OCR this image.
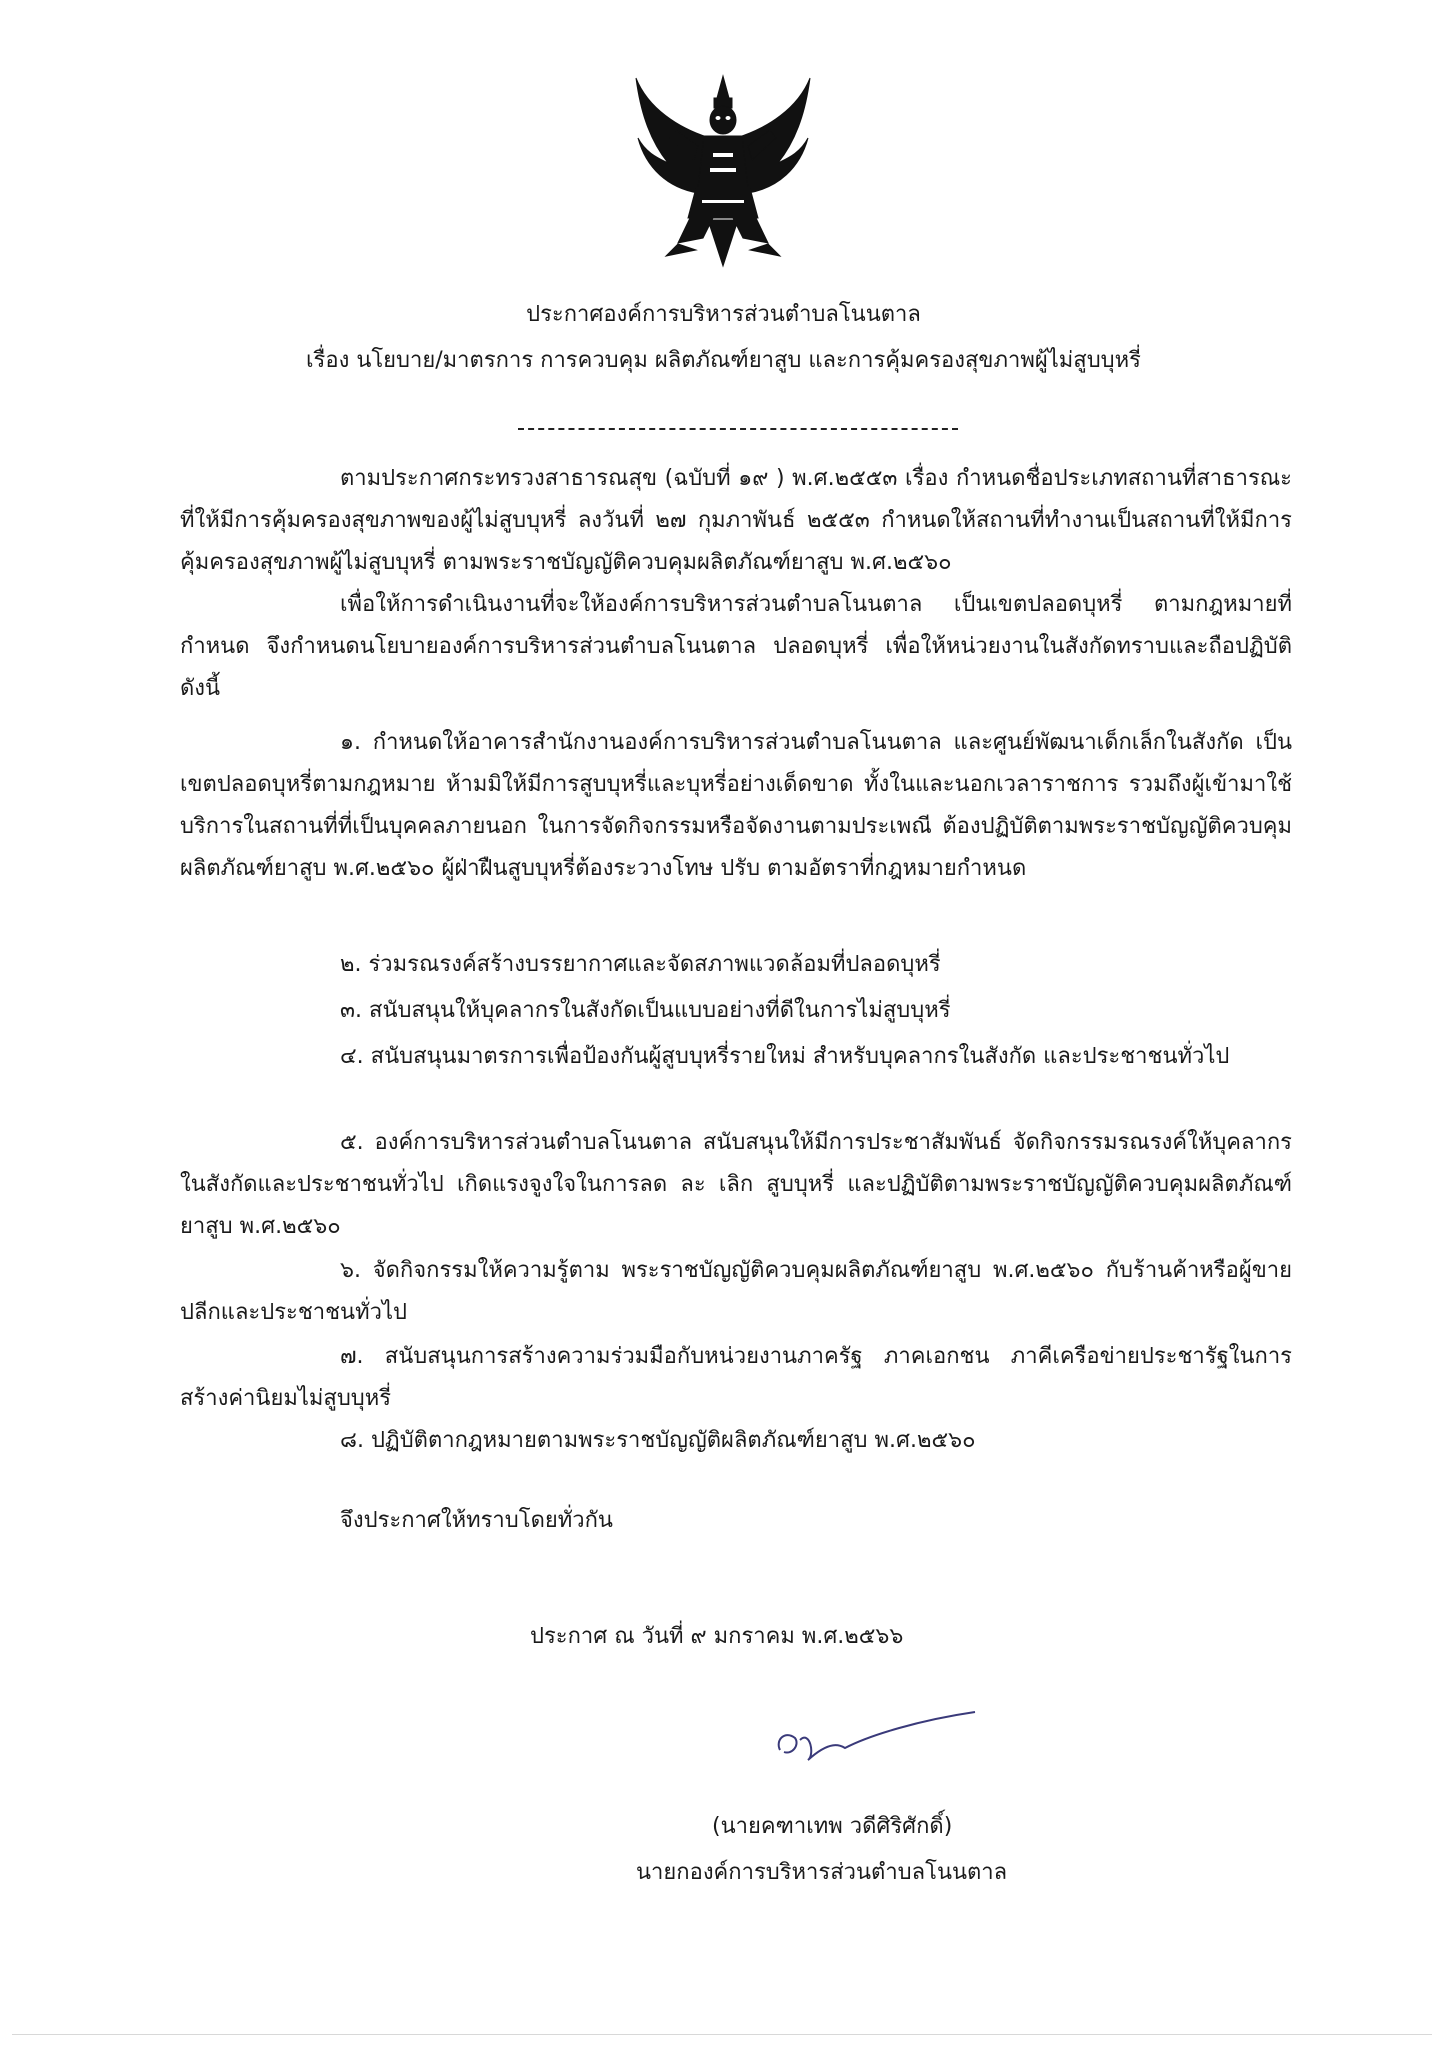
ประกาศองค์การบริหารส่วนตำบลโนนตาล
เรื่อง นโยบาย/มาตรการ การควบคุม ผลิตภัณฑ์ยาสูบ และการคุ้มครองสุขภาพผู้ไม่สูบบุหรี่

ตามประกาศกระทรวงสาธารณสุข (ฉบับที่ ๑๙ ) พ.ศ.๒๕๕๓ เรื่อง กำหนดชื่อประเภทสถานที่สาธารณะที่ให้มีการคุ้มครองสุขภาพของผู้ไม่สูบบุหรี่ ลงวันที่ ๒๗ กุมภาพันธ์ ๒๕๕๓ กำหนดให้สถานที่ทำงานเป็นสถานที่ให้มีการคุ้มครองสุขภาพผู้ไม่สูบบุหรี่ ตามพระราชบัญญัติควบคุมผลิตภัณฑ์ยาสูบ พ.ศ.๒๕๖๐

เพื่อให้การดำเนินงานที่จะให้องค์การบริหารส่วนตำบลโนนตาล เป็นเขตปลอดบุหรี่ ตามกฎหมายที่กำหนด จึงกำหนดนโยบายองค์การบริหารส่วนตำบลโนนตาล ปลอดบุหรี่ เพื่อให้หน่วยงานในสังกัดทราบและถือปฏิบัติ ดังนี้

๑. กำหนดให้อาคารสำนักงานองค์การบริหารส่วนตำบลโนนตาล และศูนย์พัฒนาเด็กเล็กในสังกัด เป็นเขตปลอดบุหรี่ตามกฎหมาย ห้ามมิให้มีการสูบบุหรี่และบุหรี่อย่างเด็ดขาด ทั้งในและนอกเวลาราชการ รวมถึงผู้เข้ามาใช้บริการในสถานที่ที่เป็นบุคคลภายนอก ในการจัดกิจกรรมหรือจัดงานตามประเพณี ต้องปฏิบัติตามพระราชบัญญัติควบคุมผลิตภัณฑ์ยาสูบ พ.ศ.๒๕๖๐ ผู้ฝ่าฝืนสูบบุหรี่ต้องระวางโทษ ปรับ ตามอัตราที่กฎหมายกำหนด

๒. ร่วมรณรงค์สร้างบรรยากาศและจัดสภาพแวดล้อมที่ปลอดบุหรี่

๓. สนับสนุนให้บุคลากรในสังกัดเป็นแบบอย่างที่ดีในการไม่สูบบุหรี่

๔. สนับสนุนมาตรการเพื่อป้องกันผู้สูบบุหรี่รายใหม่ สำหรับบุคลากรในสังกัด และประชาชนทั่วไป

๕. องค์การบริหารส่วนตำบลโนนตาล สนับสนุนให้มีการประชาสัมพันธ์ จัดกิจกรรมรณรงค์ให้บุคลากรในสังกัดและประชาชนทั่วไป เกิดแรงจูงใจในการลด ละ เลิก สูบบุหรี่ และปฏิบัติตามพระราชบัญญัติควบคุมผลิตภัณฑ์ยาสูบ พ.ศ.๒๕๖๐

๖. จัดกิจกรรมให้ความรู้ตาม พระราชบัญญัติควบคุมผลิตภัณฑ์ยาสูบ พ.ศ.๒๕๖๐ กับร้านค้าหรือผู้ขายปลีกและประชาชนทั่วไป

๗. สนับสนุนการสร้างความร่วมมือกับหน่วยงานภาครัฐ ภาคเอกชน ภาคีเครือข่ายประชารัฐในการสร้างค่านิยมไม่สูบบุหรี่

๘. ปฏิบัติตากฎหมายตามพระราชบัญญัติผลิตภัณฑ์ยาสูบ พ.ศ.๒๕๖๐

จึงประกาศให้ทราบโดยทั่วกัน
ประกาศ ณ วันที่ ๙ มกราคม พ.ศ.๒๕๖๖
(นายคฑาเทพ วดีศิริศักดิ์)
นายกองค์การบริหารส่วนตำบลโนนตาล
